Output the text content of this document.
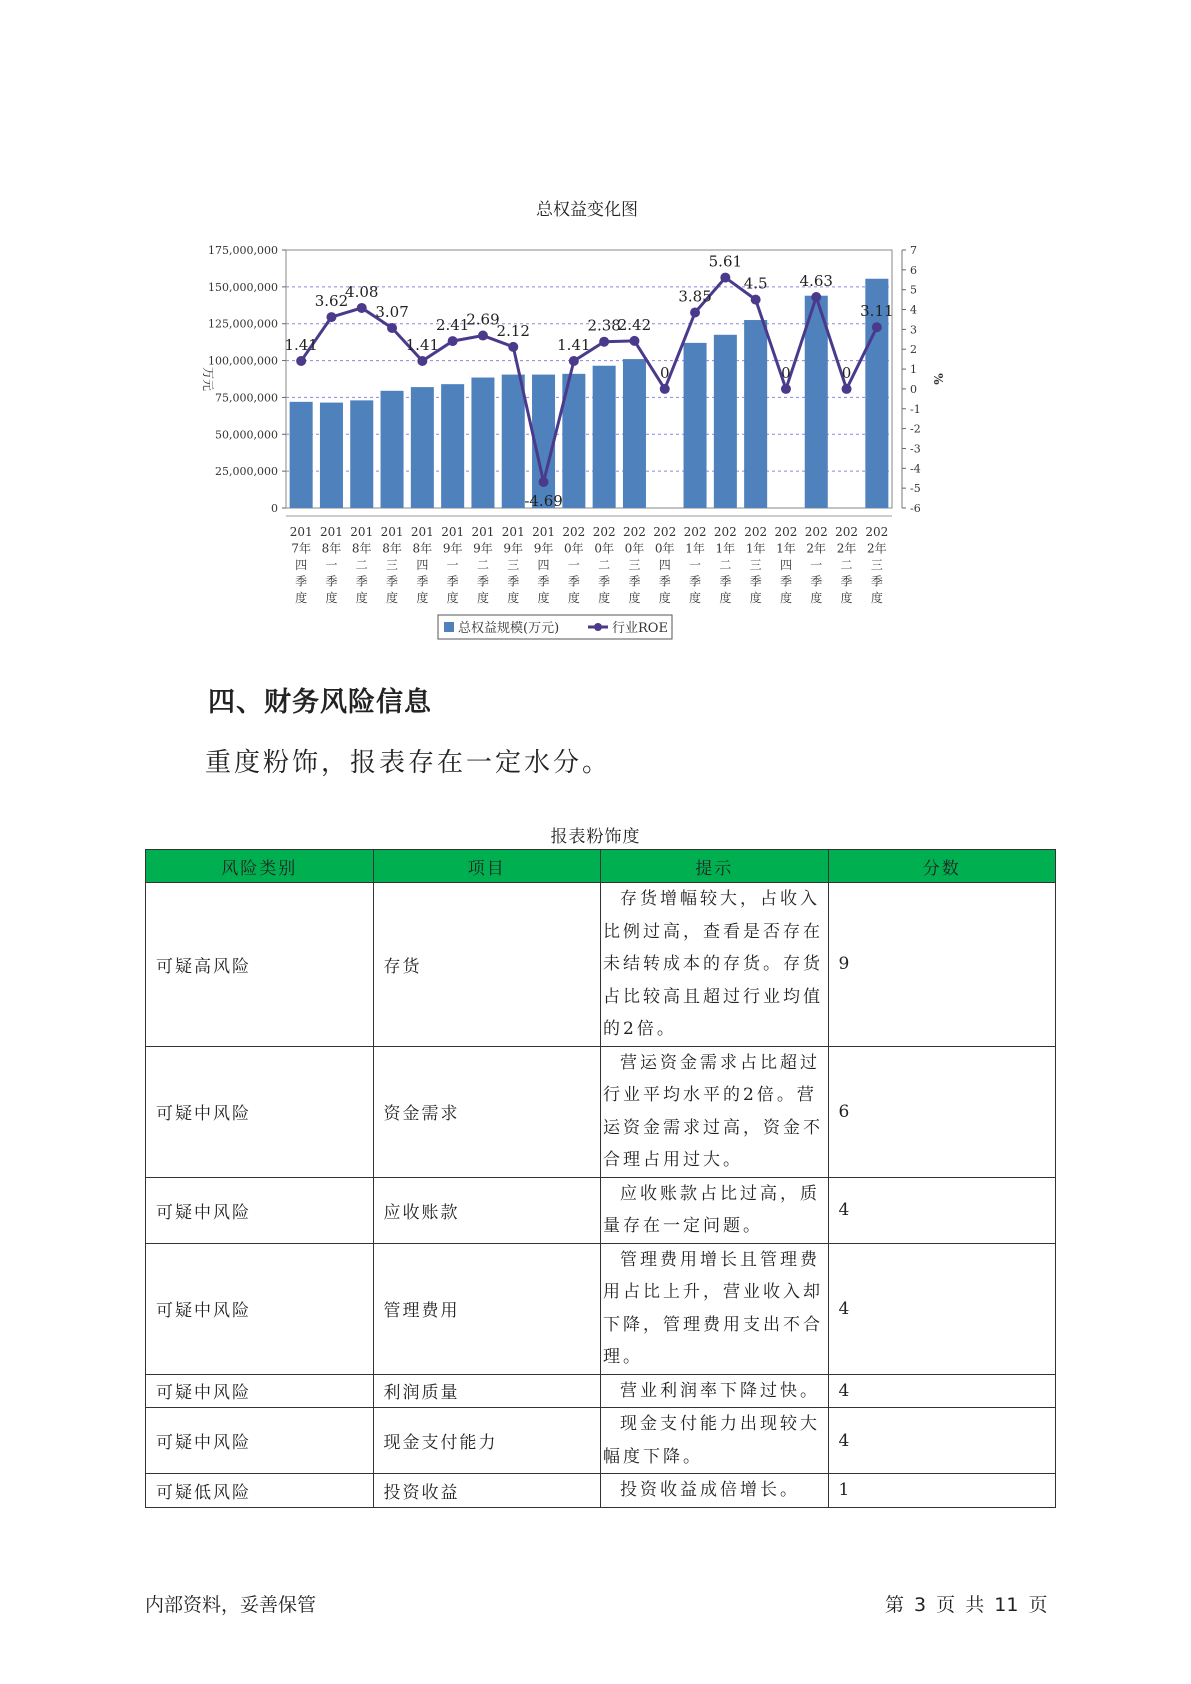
总权益变化图
0
25,000,000
50,000,000
75,000,000
100,000,000
125,000,000
150,000,000
175,000,000
-6
-5
-4
-3
-2
-1
0
1
2
3
4
5
6
7
万元	%
201 7年四季度
201 8年一季度
201 8年二季度
201 8年三季度
201 8年四季度
201 9年一季度
201 9年二季度
201 9年三季度
201 9年四季度
202 0年一季度
202 0年二季度
202 0年三季度
202 0年四季度
202 1年一季度
202 1年二季度
202 1年三季度
202 1年四季度
202 2年一季度
202 2年二季度
202 2年三季度
1.41
3.62
4.08
3.07
1.41
2.41
2.69
2.12
-4.69
1.41
2.38
2.42
0
3.85
5.61
4.5
0
4.63
0
3.11
总权益规模(万元)	行业ROE
四、财务风险信息

重度粉饰，报表存在一定水分。

报表粉饰度
风险类别	项目	提示	分数
可疑高风险	存货	存货增幅较大，占收入比例过高，查看是否存在未结转成本的存货。存货占比较高且超过行业均值的2倍。	9
可疑中风险	资金需求	营运资金需求占比超过行业平均水平的2倍。营运资金需求过高，资金不合理占用过大。	6
可疑中风险	应收账款	应收账款占比过高，质量存在一定问题。	4
可疑中风险	管理费用	管理费用增长且管理费用占比上升，营业收入却下降，管理费用支出不合理。	4
可疑中风险	利润质量	营业利润率下降过快。	4
可疑中风险	现金支付能力	现金支付能力出现较大幅度下降。	4
可疑低风险	投资收益	投资收益成倍增长。	1

内部资料，妥善保管	第 3 页 共 11 页
